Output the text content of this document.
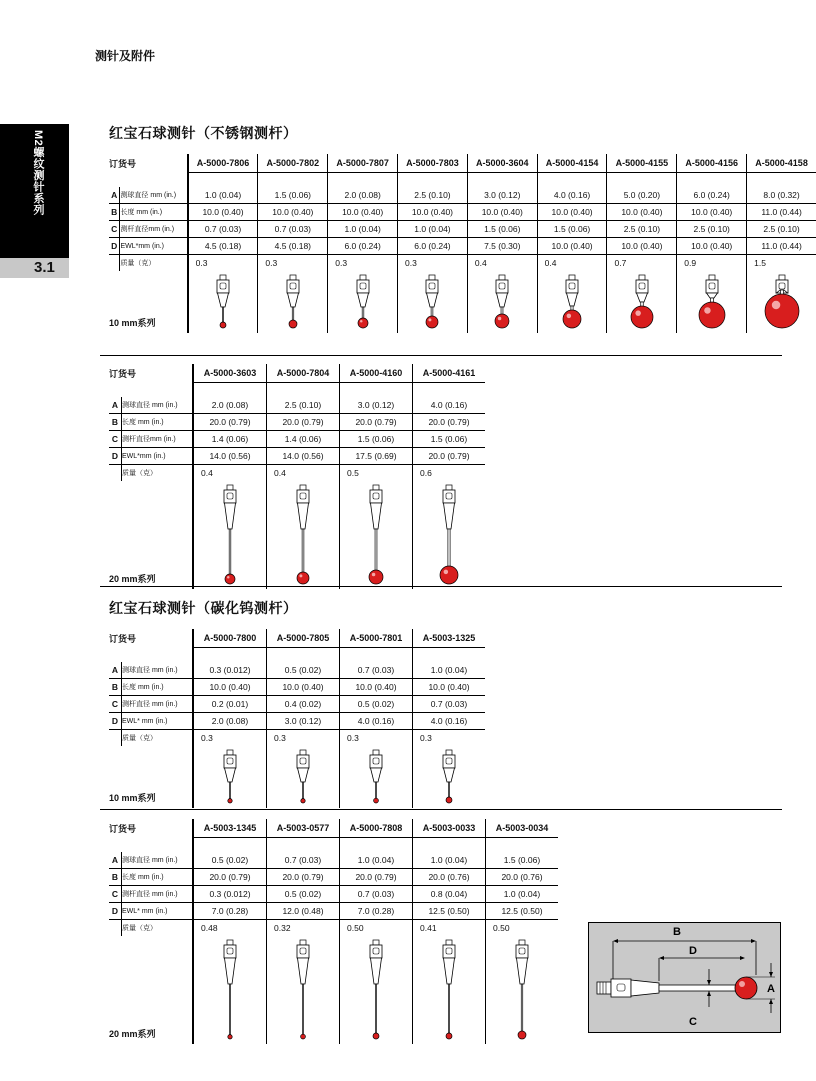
测针及附件
M2螺纹测针系列
3.1
红宝石球测针（不锈钢测杆）
红宝石球测针（碳化钨测杆）
订货号		A-5000-7806	A-5000-7802	A-5000-7807	A-5000-7803	A-5000-3604	A-5000-4154	A-5000-4155	A-5000-4156	A-5000-4158

A	测球直径 mm (in.)	1.0 (0.04)	1.5 (0.06)	2.0 (0.08)	2.5 (0.10)	3.0 (0.12)	4.0 (0.16)	5.0 (0.20)	6.0 (0.24)	8.0 (0.32)
B	长度 mm (in.)	10.0 (0.40)	10.0 (0.40)	10.0 (0.40)	10.0 (0.40)	10.0 (0.40)	10.0 (0.40)	10.0 (0.40)	10.0 (0.40)	11.0 (0.44)
C	测杆直径mm (in.)	0.7 (0.03)	0.7 (0.03)	1.0 (0.04)	1.0 (0.04)	1.5 (0.06)	1.5 (0.06)	2.5 (0.10)	2.5 (0.10)	2.5 (0.10)
D	EWL*mm (in.)	4.5 (0.18)	4.5 (0.18)	6.0 (0.24)	6.0 (0.24)	7.5 (0.30)	10.0 (0.40)	10.0 (0.40)	10.0 (0.40)	11.0 (0.44)
	质量（克）	0.3	0.3	0.3	0.3	0.4	0.4	0.7	0.9	1.5
10 mm系列	

订货号		A-5000-3603	A-5000-7804	A-5000-4160	A-5000-4161

A	测球直径 mm (in.)	2.0 (0.08)	2.5 (0.10)	3.0 (0.12)	4.0 (0.16)
B	长度 mm (in.)	20.0 (0.79)	20.0 (0.79)	20.0 (0.79)	20.0 (0.79)
C	测杆直径mm (in.)	1.4 (0.06)	1.4 (0.06)	1.5 (0.06)	1.5 (0.06)
D	EWL*mm (in.)	14.0 (0.56)	14.0 (0.56)	17.5 (0.69)	20.0 (0.79)
	质量（克）	0.4	0.4	0.5	0.6
20 mm系列	

订货号		A-5000-7800	A-5000-7805	A-5000-7801	A-5003-1325

A	测球直径 mm (in.)	0.3 (0.012)	0.5 (0.02)	0.7 (0.03)	1.0 (0.04)
B	长度 mm (in.)	10.0 (0.40)	10.0 (0.40)	10.0 (0.40)	10.0 (0.40)
C	测杆直径 mm (in.)	0.2 (0.01)	0.4 (0.02)	0.5 (0.02)	0.7 (0.03)
D	EWL* mm (in.)	2.0 (0.08)	3.0 (0.12)	4.0 (0.16)	4.0 (0.16)
	质量（克）	0.3	0.3	0.3	0.3
10 mm系列	

订货号		A-5003-1345	A-5003-0577	A-5000-7808	A-5003-0033	A-5003-0034

A	测球直径 mm (in.)	0.5 (0.02)	0.7 (0.03)	1.0 (0.04)	1.0 (0.04)	1.5 (0.06)
B	长度 mm (in.)	20.0 (0.79)	20.0 (0.79)	20.0 (0.79)	20.0 (0.76)	20.0 (0.76)
C	测杆直径 mm (in.)	0.3 (0.012)	0.5 (0.02)	0.7 (0.03)	0.8 (0.04)	1.0 (0.04)
D	EWL* mm (in.)	7.0 (0.28)	12.0 (0.48)	7.0 (0.28)	12.5 (0.50)	12.5 (0.50)
	质量（克）	0.48	0.32	0.50	0.41	0.50
20 mm系列	

B
D
C
A
